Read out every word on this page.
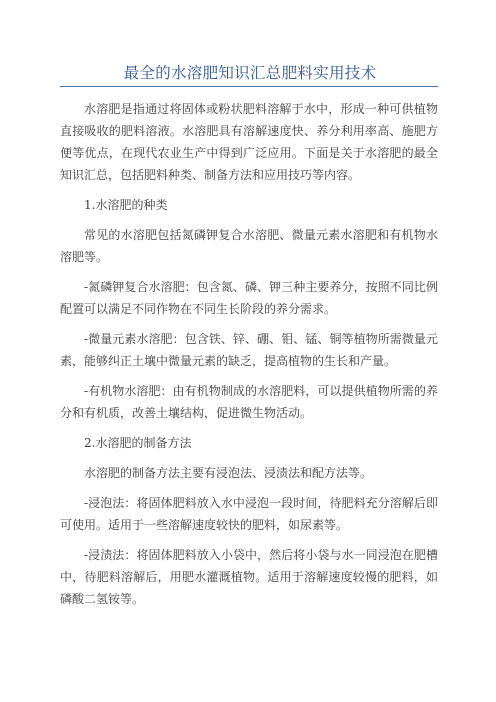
最全的水溶肥知识汇总肥料实用技术

水溶肥是指通过将固体或粉状肥料溶解于水中，形成一种可供植物直接吸收的肥料溶液。水溶肥具有溶解速度快、养分利用率高、施肥方便等优点，在现代农业生产中得到广泛应用。下面是关于水溶肥的最全知识汇总，包括肥料种类、制备方法和应用技巧等内容。

1.水溶肥的种类

常见的水溶肥包括氮磷钾复合水溶肥、微量元素水溶肥和有机物水溶肥等。

-氮磷钾复合水溶肥：包含氮、磷、钾三种主要养分，按照不同比例配置可以满足不同作物在不同生长阶段的养分需求。

-微量元素水溶肥：包含铁、锌、硼、钼、锰、铜等植物所需微量元素，能够纠正土壤中微量元素的缺乏，提高植物的生长和产量。

-有机物水溶肥：由有机物制成的水溶肥料，可以提供植物所需的养分和有机质，改善土壤结构，促进微生物活动。

2.水溶肥的制备方法

水溶肥的制备方法主要有浸泡法、浸渍法和配方法等。

-浸泡法：将固体肥料放入水中浸泡一段时间，待肥料充分溶解后即可使用。适用于一些溶解速度较快的肥料，如尿素等。

-浸渍法：将固体肥料放入小袋中，然后将小袋与水一同浸泡在肥槽中，待肥料溶解后，用肥水灌溉植物。适用于溶解速度较慢的肥料，如磷酸二氢铵等。
